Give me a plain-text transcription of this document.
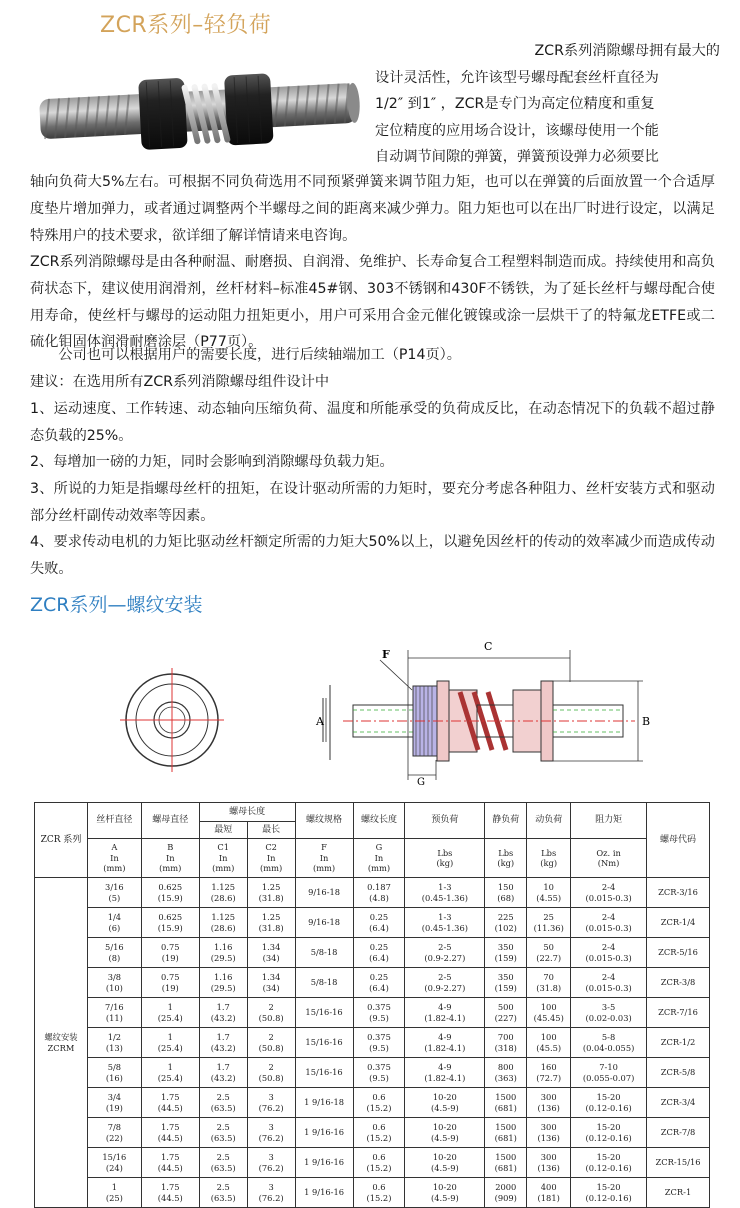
ZCR系列–轻负荷
ZCR系列消隙螺母拥有最大的
设计灵活性，允许该型号螺母配套丝杆直径为
1/2″ 到1″ ，ZCR是专门为高定位精度和重复
定位精度的应用场合设计，该螺母使用一个能
自动调节间隙的弹簧，弹簧预设弹力必须要比
轴向负荷大5%左右。可根据不同负荷选用不同预紧弹簧来调节阻力矩，也可以在弹簧的后面放置一个合适厚度垫片增加弹力，或者通过调整两个半螺母之间的距离来减少弹力。阻力矩也可以在出厂时进行设定，以满足特殊用户的技术要求，欲详细了解详情请来电咨询。
ZCR系列消隙螺母是由各种耐温、耐磨损、自润滑、免维护、长寿命复合工程塑料制造而成。持续使用和高负荷状态下，建议使用润滑剂，丝杆材料–标准45#钢、303不锈钢和430F不锈铁，为了延长丝杆与螺母配合使用寿命，使丝杆与螺母的运动阻力扭矩更小，用户可采用合金元催化镀镍或涂一层烘干了的特氟龙ETFE或二硫化钼固体润滑耐磨涂层（P77页）。
　　公司也可以根据用户的需要长度，进行后续轴端加工（P14页）。
建议：在选用所有ZCR系列消隙螺母组件设计中
1、运动速度、工作转速、动态轴向压缩负荷、温度和所能承受的负荷成反比，在动态情况下的负载不超过静态负载的25%。
2、每增加一磅的力矩，同时会影响到消隙螺母负载力矩。
3、所说的力矩是指螺母丝杆的扭矩，在设计驱动所需的力矩时，要充分考虑各种阻力、丝杆安装方式和驱动部分丝杆副传动效率等因素。
4、要求传动电机的力矩比驱动丝杆额定所需的力矩大50%以上，以避免因丝杆的传动的效率减少而造成传动失败。
ZCR系列—螺纹安装
A
C
G
F
B
ZCR 系列	丝杆直径	螺母直径	螺母长度		螺纹规格	螺纹长度	预负荷	静负荷	动负荷	阻力矩	螺母代码

			最短	最长							

	A
In
(mm)	B
In
(mm)	C1
In
(mm)	C2
In
(mm)	F
In
(mm)	G
In
(mm)	Lbs
(kg)	Lbs
(kg)	Lbs
(kg)	Oz. in
(Nm)	

螺纹安装
ZCRM	3/16
(5)	0.625
(15.9)	1.125
(28.6)	1.25
(31.8)	9/16-18	0.187
(4.8)	1-3
(0.45-1.36)	150
(68)	10
(4.55)	2-4
(0.015-0.3)	ZCR-3/16

	1/4
(6)	0.625
(15.9)	1.125
(28.6)	1.25
(31.8)	9/16-18	0.25
(6.4)	1-3
(0.45-1.36)	225
(102)	25
(11.36)	2-4
(0.015-0.3)	ZCR-1/4

	5/16
(8)	0.75
(19)	1.16
(29.5)	1.34
(34)	5/8-18	0.25
(6.4)	2-5
(0.9-2.27)	350
(159)	50
(22.7)	2-4
(0.015-0.3)	ZCR-5/16

	3/8
(10)	0.75
(19)	1.16
(29.5)	1.34
(34)	5/8-18	0.25
(6.4)	2-5
(0.9-2.27)	350
(159)	70
(31.8)	2-4
(0.015-0.3)	ZCR-3/8

	7/16
(11)	1
(25.4)	1.7
(43.2)	2
(50.8)	15/16-16	0.375
(9.5)	4-9
(1.82-4.1)	500
(227)	100
(45.45)	3-5
(0.02-0.03)	ZCR-7/16

	1/2
(13)	1
(25.4)	1.7
(43.2)	2
(50.8)	15/16-16	0.375
(9.5)	4-9
(1.82-4.1)	700
(318)	100
(45.5)	5-8
(0.04-0.055)	ZCR-1/2

	5/8
(16)	1
(25.4)	1.7
(43.2)	2
(50.8)	15/16-16	0.375
(9.5)	4-9
(1.82-4.1)	800
(363)	160
(72.7)	7-10
(0.055-0.07)	ZCR-5/8

	3/4
(19)	1.75
(44.5)	2.5
(63.5)	3
(76.2)	1 9/16-18	0.6
(15.2)	10-20
(4.5-9)	1500
(681)	300
(136)	15-20
(0.12-0.16)	ZCR-3/4

	7/8
(22)	1.75
(44.5)	2.5
(63.5)	3
(76.2)	1 9/16-16	0.6
(15.2)	10-20
(4.5-9)	1500
(681)	300
(136)	15-20
(0.12-0.16)	ZCR-7/8

	15/16
(24)	1.75
(44.5)	2.5
(63.5)	3
(76.2)	1 9/16-16	0.6
(15.2)	10-20
(4.5-9)	1500
(681)	300
(136)	15-20
(0.12-0.16)	ZCR-15/16

	1
(25)	1.75
(44.5)	2.5
(63.5)	3
(76.2)	1 9/16-16	0.6
(15.2)	10-20
(4.5-9)	2000
(909)	400
(181)	15-20
(0.12-0.16)	ZCR-1
